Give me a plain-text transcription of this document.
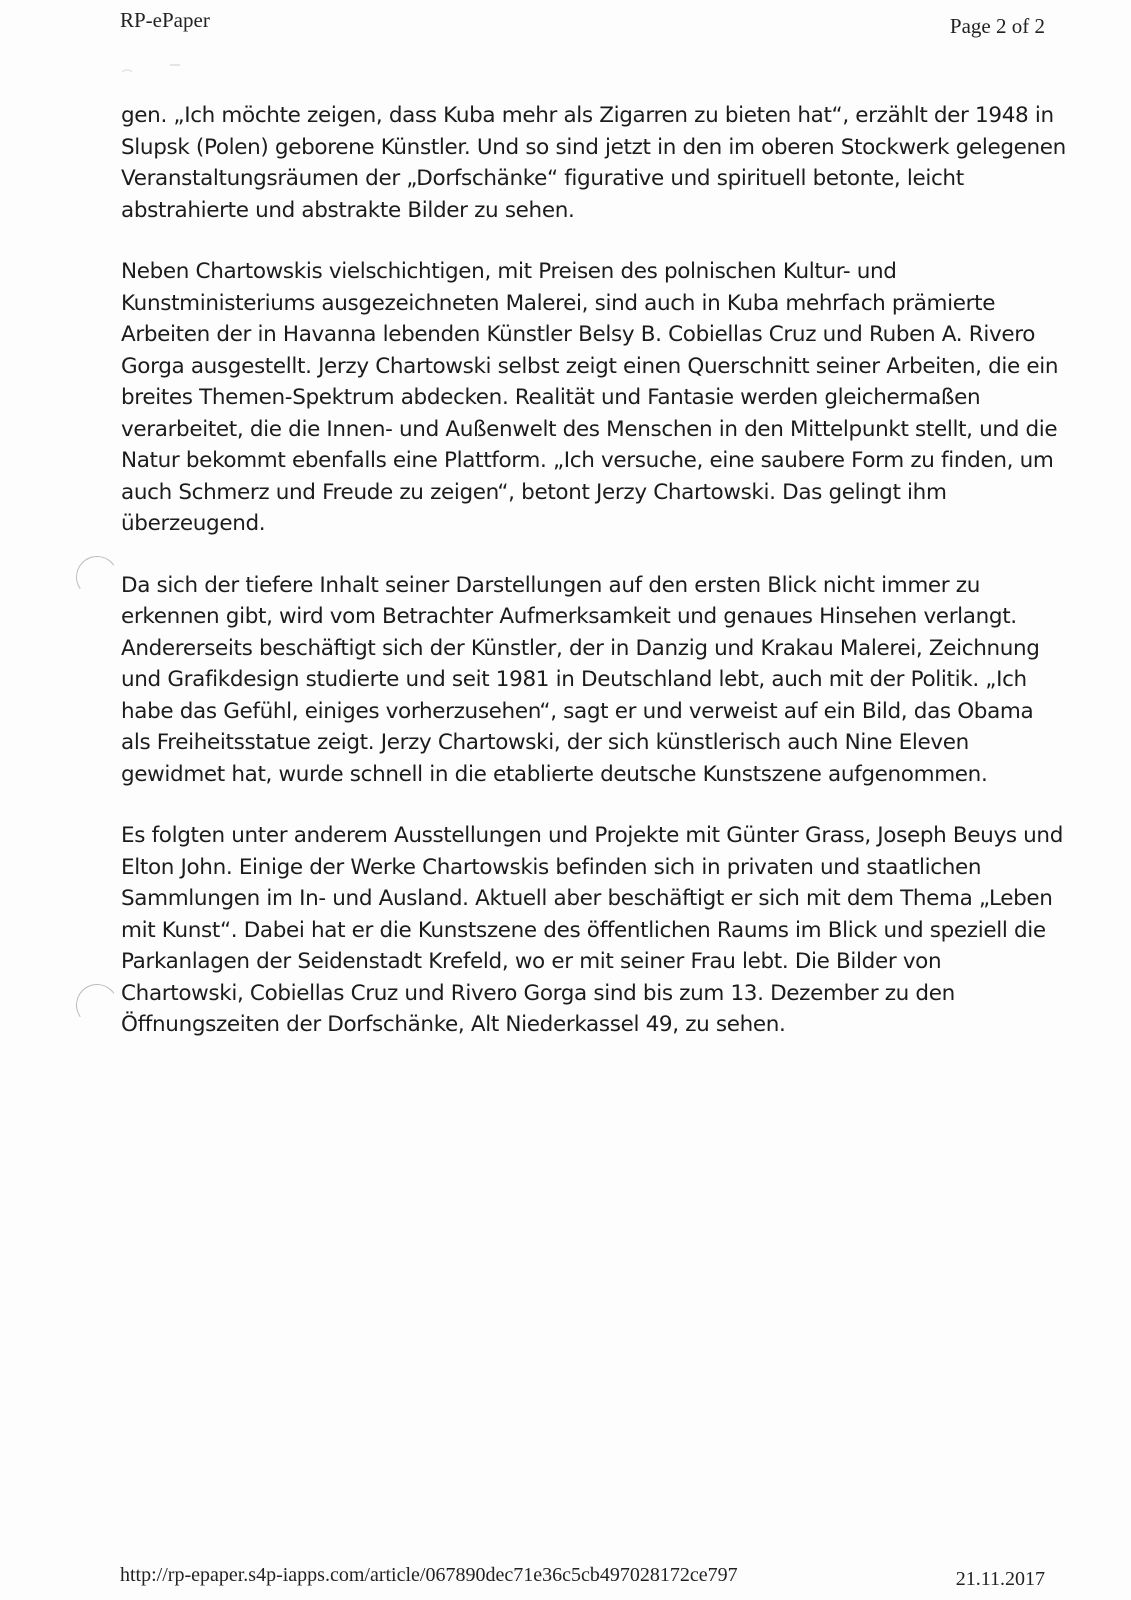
RP-ePaper	Page 2 of 2

gen. „Ich möchte zeigen, dass Kuba mehr als Zigarren zu bieten hat“, erzählt der 1948 in Slupsk (Polen) geborene Künstler. Und so sind jetzt in den im oberen Stockwerk gelegenen Veranstaltungsräumen der „Dorfschänke“ figurative und spirituell betonte, leicht abstrahierte und abstrakte Bilder zu sehen.

Neben Chartowskis vielschichtigen, mit Preisen des polnischen Kultur- und Kunstministeriums ausgezeichneten Malerei, sind auch in Kuba mehrfach prämierte Arbeiten der in Havanna lebenden Künstler Belsy B. Cobiellas Cruz und Ruben A. Rivero Gorga ausgestellt. Jerzy Chartowski selbst zeigt einen Querschnitt seiner Arbeiten, die ein breites Themen-Spektrum abdecken. Realität und Fantasie werden gleichermaßen verarbeitet, die die Innen- und Außenwelt des Menschen in den Mittelpunkt stellt, und die Natur bekommt ebenfalls eine Plattform. „Ich versuche, eine saubere Form zu finden, um auch Schmerz und Freude zu zeigen“, betont Jerzy Chartowski. Das gelingt ihm überzeugend.

Da sich der tiefere Inhalt seiner Darstellungen auf den ersten Blick nicht immer zu erkennen gibt, wird vom Betrachter Aufmerksamkeit und genaues Hinsehen verlangt. Andererseits beschäftigt sich der Künstler, der in Danzig und Krakau Malerei, Zeichnung und Grafikdesign studierte und seit 1981 in Deutschland lebt, auch mit der Politik. „Ich habe das Gefühl, einiges vorherzusehen“, sagt er und verweist auf ein Bild, das Obama als Freiheitsstatue zeigt. Jerzy Chartowski, der sich künstlerisch auch Nine Eleven gewidmet hat, wurde schnell in die etablierte deutsche Kunstszene aufgenommen.

Es folgten unter anderem Ausstellungen und Projekte mit Günter Grass, Joseph Beuys und Elton John. Einige der Werke Chartowskis befinden sich in privaten und staatlichen Sammlungen im In- und Ausland. Aktuell aber beschäftigt er sich mit dem Thema „Leben mit Kunst“. Dabei hat er die Kunstszene des öffentlichen Raums im Blick und speziell die Parkanlagen der Seidenstadt Krefeld, wo er mit seiner Frau lebt. Die Bilder von Chartowski, Cobiellas Cruz und Rivero Gorga sind bis zum 13. Dezember zu den Öffnungszeiten der Dorfschänke, Alt Niederkassel 49, zu sehen.

http://rp-epaper.s4p-iapps.com/article/067890dec71e36c5cb497028172ce797	21.11.2017
